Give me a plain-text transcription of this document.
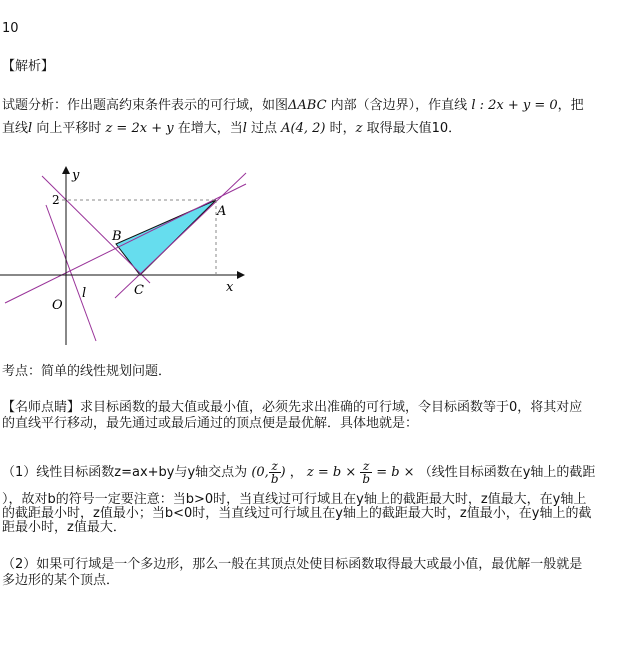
10
【解析】
试题分析：作出题高约束条件表示的可行域，如图ΔABC 内部（含边界），作直线 l : 2x + y = 0，把
直线l 向上平移时 z = 2x + y 在增大，当l 过点 A(4, 2) 时，z 取得最大值10．
y
x
2
A
B
C
O
l
考点：简单的线性规划问题．
【名师点睛】求目标函数的最大值或最小值，必须先求出准确的可行域，令目标函数等于0，将其对应
的直线平行移动，最先通过或最后通过的顶点便是最优解．具体地就是：
（1）线性目标函数z=ax+by与y轴交点为 (0, $\frac{z}{b}$ ) ， $z = b \times \frac{z}{b} = b$ × （线性目标函数在y轴上的截距
），故对b的符号一定要注意：当b>0时，当直线过可行域且在y轴上的截距最大时，z值最大，在y轴上
的截距最小时，z值最小；当b<0时，当直线过可行域且在y轴上的截距最大时，z值最小，在y轴上的截
距最小时，z值最大．
（2）如果可行域是一个多边形，那么一般在其顶点处使目标函数取得最大或最小值，最优解一般就是
多边形的某个顶点．
